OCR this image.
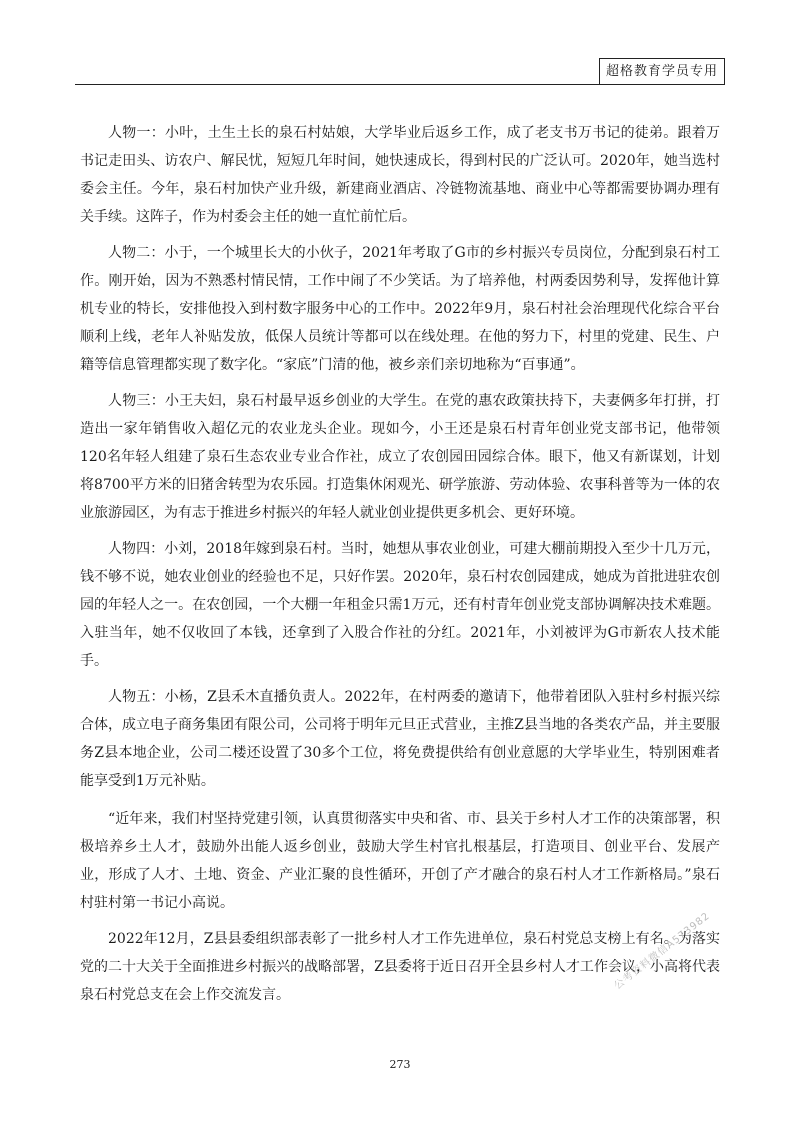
超格教育学员专用

人物一：小叶，土生土长的泉石村姑娘，大学毕业后返乡工作，成了老支书万书记的徒弟。跟着万书记走田头、访农户、解民忧，短短几年时间，她快速成长，得到村民的广泛认可。2020年，她当选村委会主任。今年，泉石村加快产业升级，新建商业酒店、冷链物流基地、商业中心等都需要协调办理有关手续。这阵子，作为村委会主任的她一直忙前忙后。

人物二：小于，一个城里长大的小伙子，2021年考取了G市的乡村振兴专员岗位，分配到泉石村工作。刚开始，因为不熟悉村情民情，工作中闹了不少笑话。为了培养他，村两委因势利导，发挥他计算机专业的特长，安排他投入到村数字服务中心的工作中。2022年9月，泉石村社会治理现代化综合平台顺利上线，老年人补贴发放，低保人员统计等都可以在线处理。在他的努力下，村里的党建、民生、户籍等信息管理都实现了数字化。“家底”门清的他，被乡亲们亲切地称为“百事通”。

人物三：小王夫妇，泉石村最早返乡创业的大学生。在党的惠农政策扶持下，夫妻俩多年打拼，打造出一家年销售收入超亿元的农业龙头企业。现如今，小王还是泉石村青年创业党支部书记，他带领120名年轻人组建了泉石生态农业专业合作社，成立了农创园田园综合体。眼下，他又有新谋划，计划将8700平方米的旧猪舍转型为农乐园。打造集休闲观光、研学旅游、劳动体验、农事科普等为一体的农业旅游园区，为有志于推进乡村振兴的年轻人就业创业提供更多机会、更好环境。

人物四：小刘，2018年嫁到泉石村。当时，她想从事农业创业，可建大棚前期投入至少十几万元，钱不够不说，她农业创业的经验也不足，只好作罢。2020年，泉石村农创园建成，她成为首批进驻农创园的年轻人之一。在农创园，一个大棚一年租金只需1万元，还有村青年创业党支部协调解决技术难题。入驻当年，她不仅收回了本钱，还拿到了入股合作社的分红。2021年，小刘被评为G市新农人技术能手。

人物五：小杨，Z县禾木直播负责人。2022年，在村两委的邀请下，他带着团队入驻村乡村振兴综合体，成立电子商务集团有限公司，公司将于明年元旦正式营业，主推Z县当地的各类农产品，并主要服务Z县本地企业，公司二楼还设置了30多个工位，将免费提供给有创业意愿的大学毕业生，特别困难者能享受到1万元补贴。

“近年来，我们村坚持党建引领，认真贯彻落实中央和省、市、县关于乡村人才工作的决策部署，积极培养乡土人才，鼓励外出能人返乡创业，鼓励大学生村官扎根基层，打造项目、创业平台、发展产业，形成了人才、土地、资金、产业汇聚的良性循环，开创了产才融合的泉石村人才工作新格局。”泉石村驻村第一书记小高说。

2022年12月，Z县县委组织部表彰了一批乡村人才工作先进单位，泉石村党总支榜上有名。为落实党的二十大关于全面推进乡村振兴的战略部署，Z县委将于近日召开全县乡村人才工作会议，小高将代表泉石村党总支在会上作交流发言。

公考资料微信A573982
273
